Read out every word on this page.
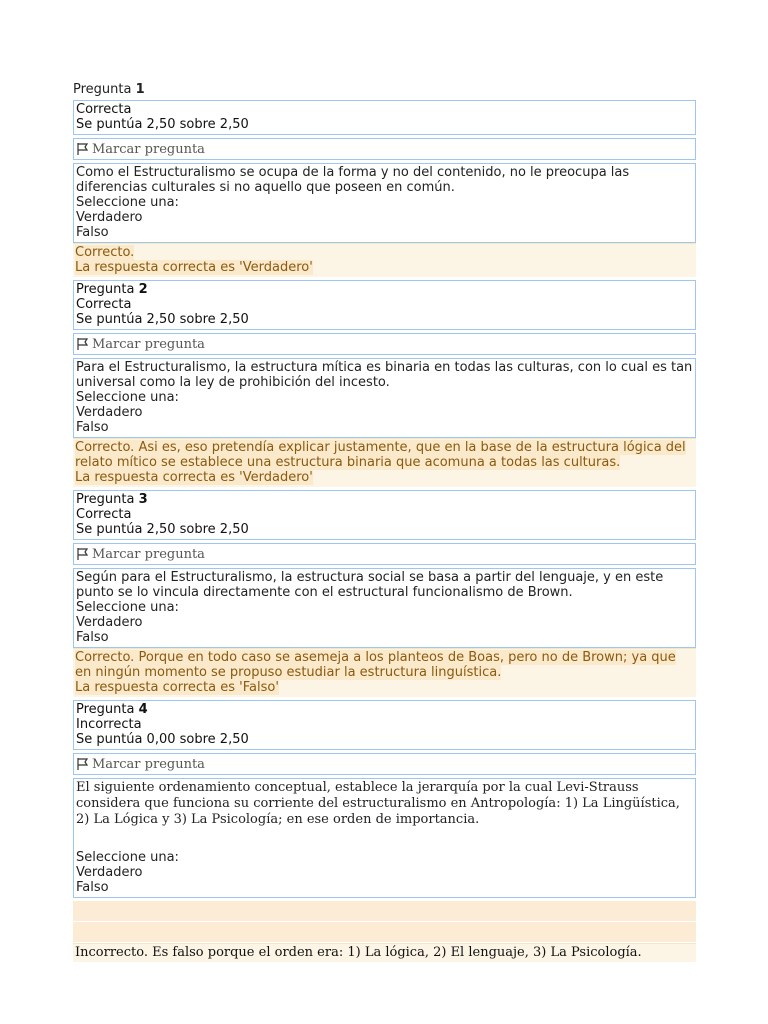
Pregunta 1
Correcta
Se puntúa 2,50 sobre 2,50
Marcar pregunta
Como el Estructuralismo se ocupa de la forma y no del contenido, no le preocupa las diferencias culturales si no aquello que poseen en común.
Seleccione una:
Verdadero
Falso
Correcto.
La respuesta correcta es 'Verdadero'
Pregunta 2
Correcta
Se puntúa 2,50 sobre 2,50
Marcar pregunta
Para el Estructuralismo, la estructura mítica es binaria en todas las culturas, con lo cual es tan universal como la ley de prohibición del incesto.
Seleccione una:
Verdadero
Falso
Correcto. Asi es, eso pretendía explicar justamente, que en la base de la estructura lógica del relato mítico se establece una estructura binaria que acomuna a todas las culturas.
La respuesta correcta es 'Verdadero'
Pregunta 3
Correcta
Se puntúa 2,50 sobre 2,50
Marcar pregunta
Según para el Estructuralismo, la estructura social se basa a partir del lenguaje, y en este punto se lo vincula directamente con el estructural funcionalismo de Brown.
Seleccione una:
Verdadero
Falso
Correcto. Porque en todo caso se asemeja a los planteos de Boas, pero no de Brown; ya que en ningún momento se propuso estudiar la estructura linguística.
La respuesta correcta es 'Falso'
Pregunta 4
Incorrecta
Se puntúa 0,00 sobre 2,50
Marcar pregunta
El siguiente ordenamiento conceptual, establece la jerarquía por la cual Levi-Strauss considera que funciona su corriente del estructuralismo en Antropología: 1) La Lingüística, 2) La Lógica y 3) La Psicología; en ese orden de importancia.
Seleccione una:
Verdadero
Falso
Incorrecto. Es falso porque el orden era: 1) La lógica, 2) El lenguaje, 3) La Psicología.
